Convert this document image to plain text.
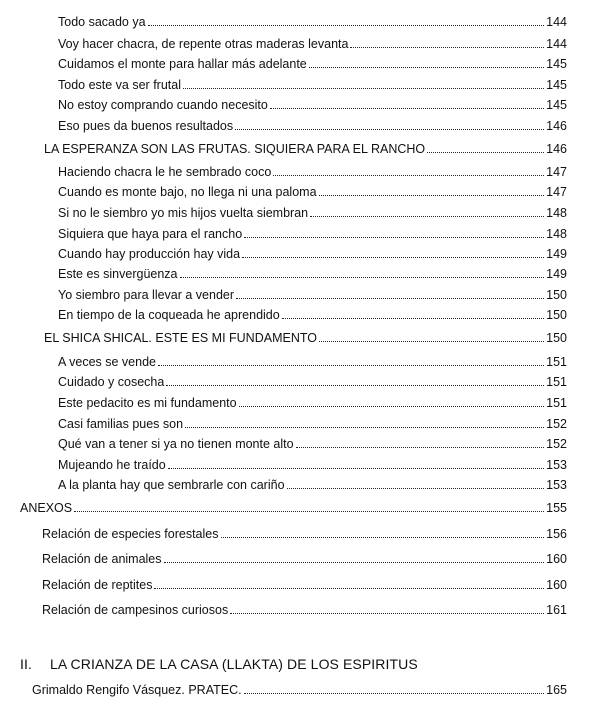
Todo sacado ya	144
Voy hacer chacra, de repente otras maderas levanta	144
Cuidamos el monte para hallar más adelante	145
Todo este va ser frutal	145
No estoy comprando cuando necesito	145
Eso pues da buenos resultados	146
LA ESPERANZA SON LAS FRUTAS. SIQUIERA PARA EL RANCHO	146
Haciendo chacra le he sembrado coco	147
Cuando es monte bajo, no llega ni una paloma	147
Si no le siembro yo mis hijos vuelta siembran	148
Siquiera que haya para el rancho	148
Cuando hay producción hay vida	149
Este es sinvergüenza	149
Yo siembro para llevar a vender	150
En tiempo de la coqueada he aprendido	150
EL SHICA SHICAL. ESTE ES MI FUNDAMENTO	150
A veces se vende	151
Cuidado y cosecha	151
Este pedacito es mi fundamento	151
Casi familias pues son	152
Qué van a tener si ya no tienen monte alto	152
Mujeando he traído	153
A la planta hay que sembrarle con cariño	153
ANEXOS	155
Relación de especies forestales	156
Relación de animales	160
Relación de reptites	160
Relación de campesinos curiosos	161
II. LA CRIANZA DE LA CASA (LLAKTA) DE LOS ESPIRITUS
Grimaldo Rengifo Vásquez. PRATEC.	165
